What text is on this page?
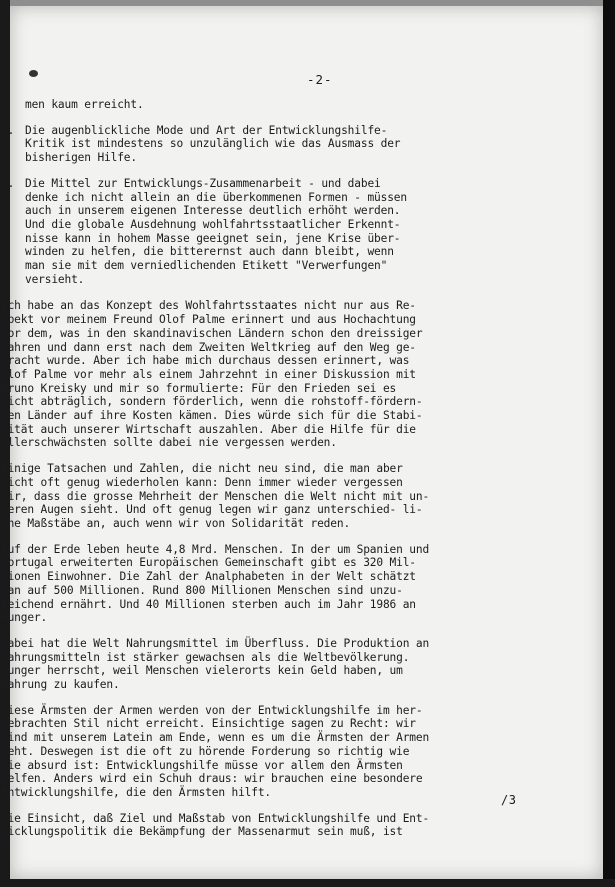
-2-
men kaum erreicht.
7. Die augenblickliche Mode und Art der Entwicklungshilfe-
Kritik ist mindestens so unzulänglich wie das Ausmass der
bisherigen Hilfe.
8. Die Mittel zur Entwicklungs-Zusammenarbeit - und dabei
denke ich nicht allein an die überkommenen Formen - müssen
auch in unserem eigenen Interesse deutlich erhöht werden.
Und die globale Ausdehnung wohlfahrtsstaatlicher Erkennt-
nisse kann in hohem Masse geeignet sein, jene Krise über-
winden zu helfen, die bitterernst auch dann bleibt, wenn
man sie mit dem verniedlichenden Etikett "Verwerfungen"
versieht.
Ich habe an das Konzept des Wohlfahrtsstaates nicht nur aus Re-
spekt vor meinem Freund Olof Palme erinnert und aus Hochachtung
vor dem, was in den skandinavischen Ländern schon den dreissiger
Jahren und dann erst nach dem Zweiten Weltkrieg auf den Weg ge-
bracht wurde. Aber ich habe mich durchaus dessen erinnert, was
Olof Palme vor mehr als einem Jahrzehnt in einer Diskussion mit
Bruno Kreisky und mir so formulierte: Für den Frieden sei es
nicht abträglich, sondern förderlich, wenn die rohstoff-fördern-
den Länder auf ihre Kosten kämen. Dies würde sich für die Stabi-
lität auch unserer Wirtschaft auszahlen. Aber die Hilfe für die
Allerschwächsten sollte dabei nie vergessen werden.
Einige Tatsachen und Zahlen, die nicht neu sind, die man aber
nicht oft genug wiederholen kann: Denn immer wieder vergessen
wir, dass die grosse Mehrheit der Menschen die Welt nicht mit un-
seren Augen sieht. Und oft genug legen wir ganz unterschied- li-
che Maßstäbe an, auch wenn wir von Solidarität reden.
Auf der Erde leben heute 4,8 Mrd. Menschen. In der um Spanien und
Portugal erweiterten Europäischen Gemeinschaft gibt es 320 Mil-
lionen Einwohner. Die Zahl der Analphabeten in der Welt schätzt
man auf 500 Millionen. Rund 800 Millionen Menschen sind unzu-
reichend ernährt. Und 40 Millionen sterben auch im Jahr 1986 an
Hunger.
Dabei hat die Welt Nahrungsmittel im Überfluss. Die Produktion an
Nahrungsmitteln ist stärker gewachsen als die Weltbevölkerung.
Hunger herrscht, weil Menschen vielerorts kein Geld haben, um
Nahrung zu kaufen.
Diese Ärmsten der Armen werden von der Entwicklungshilfe im her-
gebrachten Stil nicht erreicht. Einsichtige sagen zu Recht: wir
sind mit unserem Latein am Ende, wenn es um die Ärmsten der Armen
geht. Deswegen ist die oft zu hörende Forderung so richtig wie
sie absurd ist: Entwicklungshilfe müsse vor allem den Ärmsten
helfen. Anders wird ein Schuh draus: wir brauchen eine besondere
Entwicklungshilfe, die den Ärmsten hilft.
Die Einsicht, daß Ziel und Maßstab von Entwicklungshilfe und Ent-
wicklungspolitik die Bekämpfung der Massenarmut sein muß, ist
/3
